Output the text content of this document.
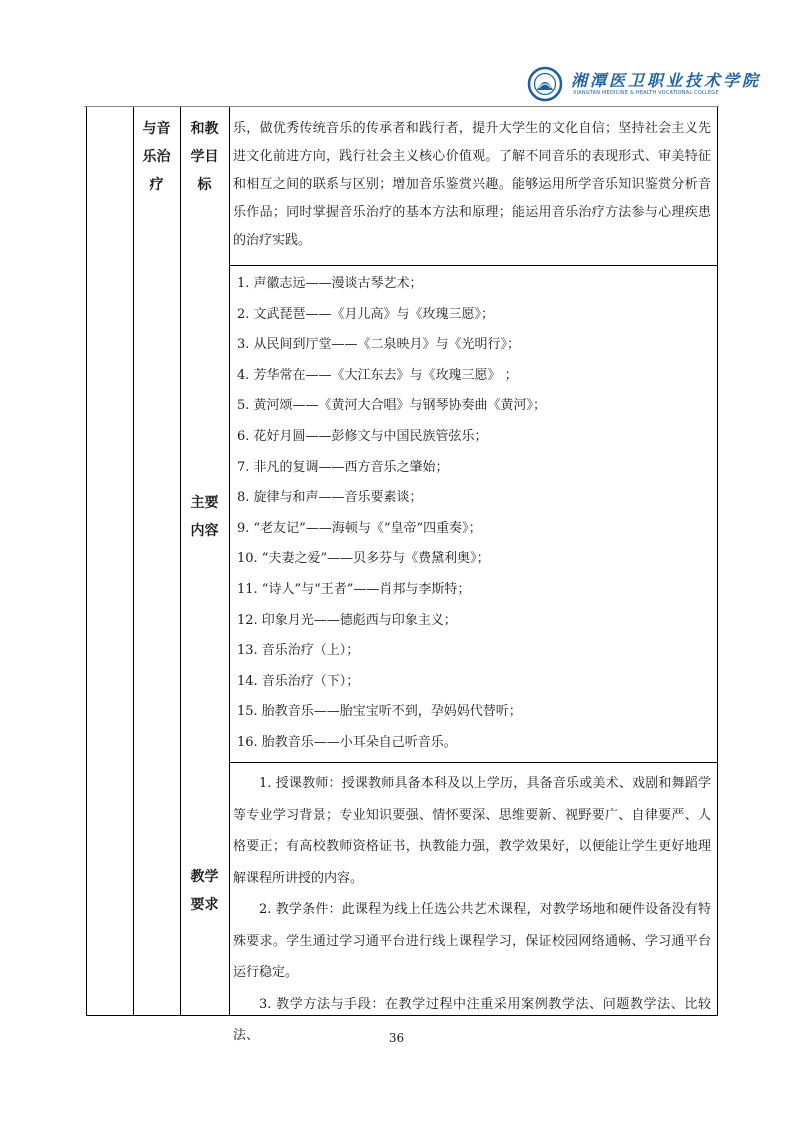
湘潭医卫职业技术学院
XIANGTAN MEDICINE & HEALTH VOCATIONAL COLLEGE
与音
乐治
疗
和教
学目
标

乐，做优秀传统音乐的传承者和践行者，提升大学生的文化自信；坚持社会主义先进文化前进方向，践行社会主义核心价值观。了解不同音乐的表现形式、审美特征和相互之间的联系与区别；增加音乐鉴赏兴趣。能够运用所学音乐知识鉴赏分析音乐作品；同时掌握音乐治疗的基本方法和原理；能运用音乐治疗方法参与心理疾患的治疗实践。

主要
内容
1. 声徽志远——漫谈古琴艺术；
2. 文武琵琶——《月儿高》与《玫瑰三愿》；
3. 从民间到厅堂——《二泉映月》与《光明行》；
4. 芳华常在——《大江东去》与《玫瑰三愿》 ；
5. 黄河颂——《黄河大合唱》与钢琴协奏曲《黄河》；
6. 花好月圆——彭修文与中国民族管弦乐；
7. 非凡的复调——西方音乐之肇始；
8. 旋律与和声——音乐要素谈；
9. “老友记”——海顿与《“皇帝”四重奏》；
10. “夫妻之爱”——贝多芬与《费黛利奥》；
11. “诗人”与“王者”——肖邦与李斯特；
12. 印象月光——德彪西与印象主义；
13. 音乐治疗（上）；
14. 音乐治疗（下）；
15. 胎教音乐——胎宝宝听不到，孕妈妈代替听；
16. 胎教音乐——小耳朵自己听音乐。
教学
要求

1. 授课教师：授课教师具备本科及以上学历，具备音乐或美术、戏剧和舞蹈学等专业学习背景；专业知识要强、情怀要深、思维要新、视野要广、自律要严、人格要正；有高校教师资格证书，执教能力强，教学效果好，以便能让学生更好地理解课程所讲授的内容。

2. 教学条件：此课程为线上任选公共艺术课程，对教学场地和硬件设备没有特殊要求。学生通过学习通平台进行线上课程学习，保证校园网络通畅、学习通平台运行稳定。

3. 教学方法与手段：在教学过程中注重采用案例教学法、问题教学法、比较法、	36
